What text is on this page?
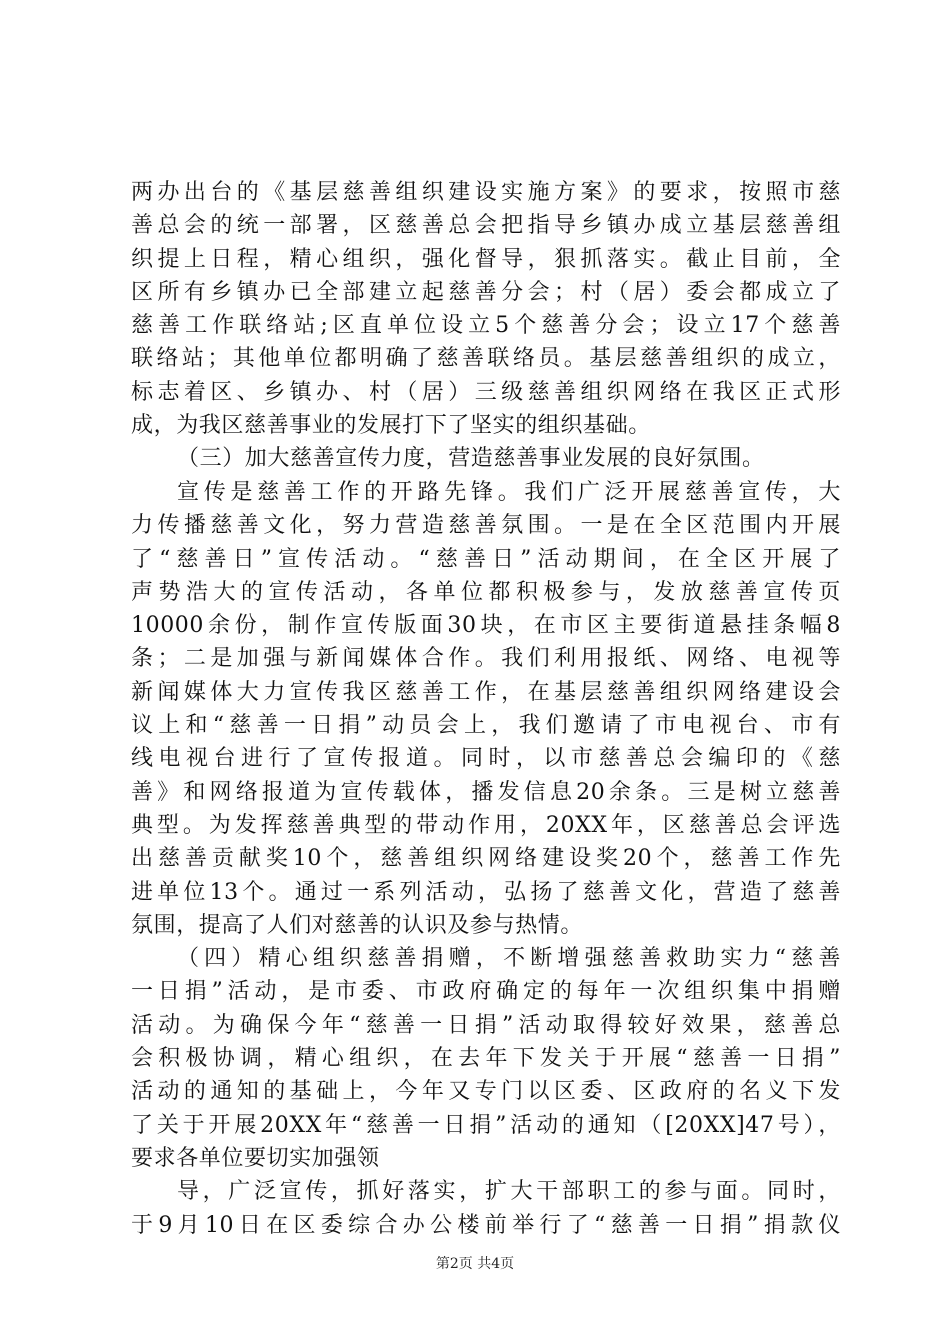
两办出台的《基层慈善组织建设实施方案》的要求，按照市慈
善总会的统一部署，区慈善总会把指导乡镇办成立基层慈善组
织提上日程，精心组织，强化督导，狠抓落实。截止目前，全
区所有乡镇办已全部建立起慈善分会；村（居）委会都成立了
慈善工作联络站;区直单位设立5个慈善分会；设立17个慈善
联络站；其他单位都明确了慈善联络员。基层慈善组织的成立，
标志着区、乡镇办、村（居）三级慈善组织网络在我区正式形
成，为我区慈善事业的发展打下了坚实的组织基础。
（三）加大慈善宣传力度，营造慈善事业发展的良好氛围。
宣传是慈善工作的开路先锋。我们广泛开展慈善宣传，大
力传播慈善文化，努力营造慈善氛围。一是在全区范围内开展
了“慈善日”宣传活动。“慈善日”活动期间，在全区开展了
声势浩大的宣传活动，各单位都积极参与，发放慈善宣传页
10000余份，制作宣传版面30块，在市区主要街道悬挂条幅8
条；二是加强与新闻媒体合作。我们利用报纸、网络、电视等
新闻媒体大力宣传我区慈善工作，在基层慈善组织网络建设会
议上和“慈善一日捐”动员会上，我们邀请了市电视台、市有
线电视台进行了宣传报道。同时，以市慈善总会编印的《慈
善》和网络报道为宣传载体，播发信息20余条。三是树立慈善
典型。为发挥慈善典型的带动作用，20XX年，区慈善总会评选
出慈善贡献奖10个，慈善组织网络建设奖20个，慈善工作先
进单位13个。通过一系列活动，弘扬了慈善文化，营造了慈善
氛围，提高了人们对慈善的认识及参与热情。
（四）精心组织慈善捐赠，不断增强慈善救助实力“慈善
一日捐”活动，是市委、市政府确定的每年一次组织集中捐赠
活动。为确保今年“慈善一日捐”活动取得较好效果，慈善总
会积极协调，精心组织，在去年下发关于开展“慈善一日捐”
活动的通知的基础上，今年又专门以区委、区政府的名义下发
了关于开展20XX年“慈善一日捐”活动的通知（[20XX]47号），
要求各单位要切实加强领
导，广泛宣传，抓好落实，扩大干部职工的参与面。同时，
于9月10日在区委综合办公楼前举行了“慈善一日捐”捐款仪
第2页 共4页
